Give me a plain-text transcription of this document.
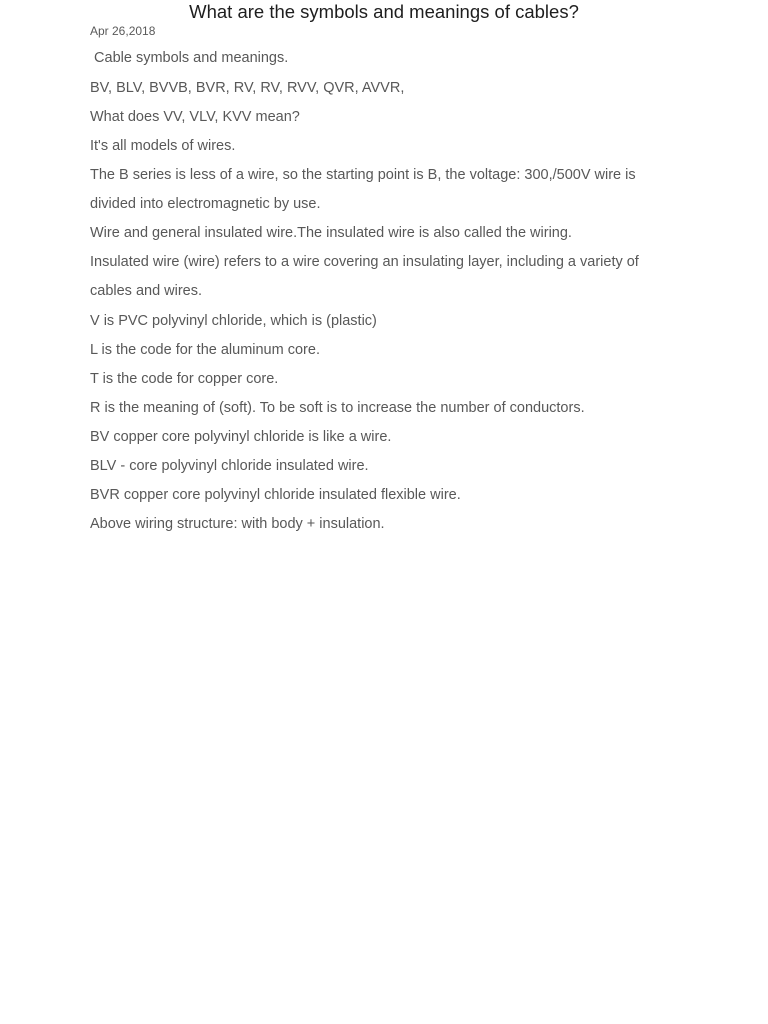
What are the symbols and meanings of cables?
Apr 26,2018
Cable symbols and meanings.
BV, BLV, BVVB, BVR, RV, RV, RVV, QVR, AVVR,
What does VV, VLV, KVV mean?
It's all models of wires.
The B series is less of a wire, so the starting point is B, the voltage: 300,/500V wire is
divided into electromagnetic by use.
Wire and general insulated wire.The insulated wire is also called the wiring.
Insulated wire (wire) refers to a wire covering an insulating layer, including a variety of
cables and wires.
V is PVC polyvinyl chloride, which is (plastic)
L is the code for the aluminum core.
T is the code for copper core.
R is the meaning of (soft). To be soft is to increase the number of conductors.
BV copper core polyvinyl chloride is like a wire.
BLV - core polyvinyl chloride insulated wire.
BVR copper core polyvinyl chloride insulated flexible wire.
Above wiring structure: with body + insulation.
